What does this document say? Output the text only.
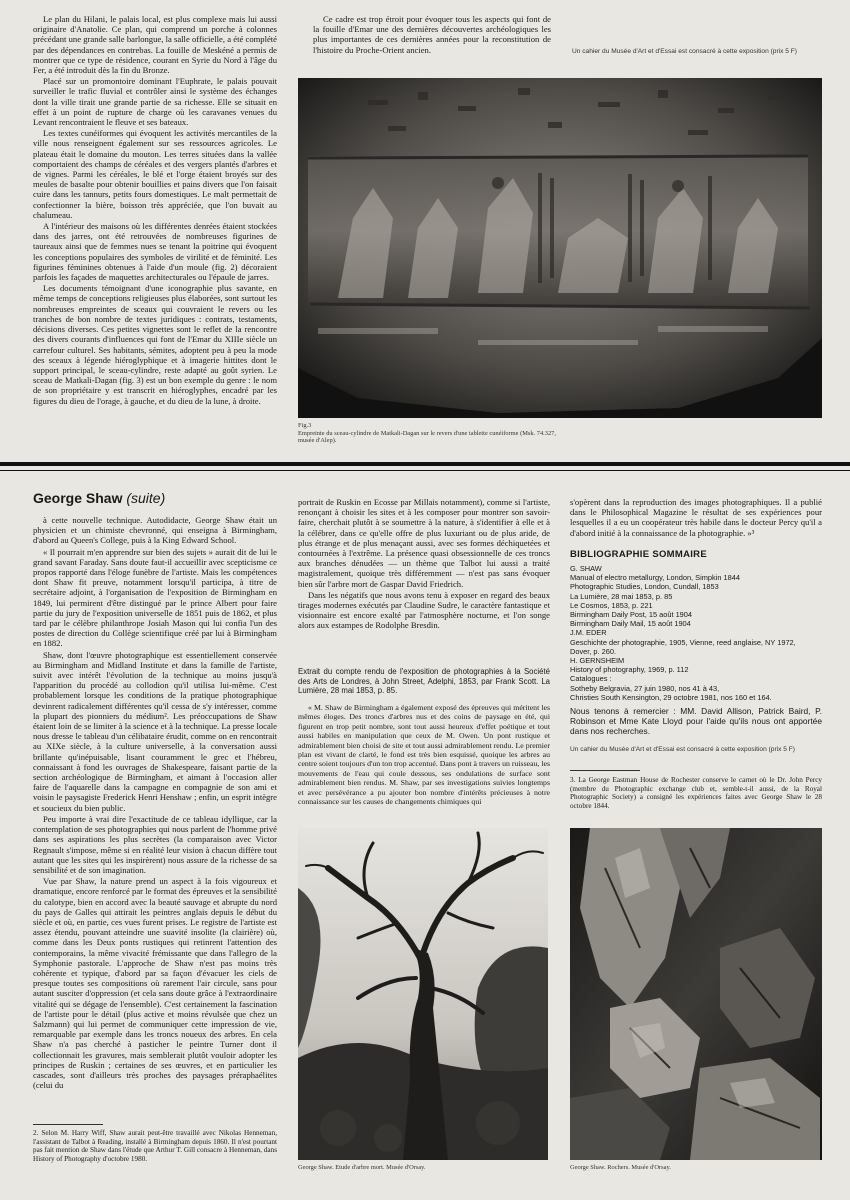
Le plan du Hilani, le palais local, est plus complexe mais lui aussi originaire d'Anatolie. Ce plan, qui comprend un porche à colonnes précédant une grande salle barlongue, la salle officielle, a été complété par des dépendances en contrebas. La fouille de Meskéné a permis de montrer que ce type de résidence, courant en Syrie du Nord à l'âge du Fer, a été introduit dès la fin du Bronze.

Placé sur un promontoire dominant l'Euphrate, le palais pouvait surveiller le trafic fluvial et contrôler ainsi le système des échanges dont la ville tirait une grande partie de sa richesse. Elle se situait en effet à un point de rupture de charge où les caravanes venues du Levant rencontraient le fleuve et ses bateaux.

Les textes cunéiformes qui évoquent les activités mercantiles de la ville nous renseignent également sur ses ressources agricoles. Le plateau était le domaine du mouton. Les terres situées dans la vallée comportaient des champs de céréales et des vergers plantés d'arbres et de vignes. Parmi les céréales, le blé et l'orge étaient broyés sur des meules de basalte pour obtenir bouillies et pains divers que l'on faisait cuire dans les tannurs, petits fours domestiques. Le malt permettait de confectionner la bière, boisson très appréciée, que l'on buvait au chalumeau.

A l'intérieur des maisons où les différentes denrées étaient stockées dans des jarres, ont été retrouvées de nombreuses figurines de taureaux ainsi que de femmes nues se tenant la poitrine qui évoquent les conceptions populaires des symboles de virilité et de féminité. Les figurines féminines obtenues à l'aide d'un moule (fig. 2) décoraient parfois les façades de maquettes architecturales ou l'épaule de jarres.

Les documents témoignant d'une iconographie plus savante, en même temps de conceptions religieuses plus élaborées, sont surtout les nombreuses empreintes de sceaux qui couvraient le revers ou les tranches de bon nombre de textes juridiques : contrats, testaments, décisions diverses. Ces petites vignettes sont le reflet de la rencontre des divers courants d'influences qui font de l'Emar du XIIIe siècle un carrefour culturel. Ses habitants, sémites, adoptent peu à peu la mode des sceaux à légende hiéroglyphique et à imagerie hittites dont le support principal, le sceau-cylindre, reste adapté au goût syrien. Le sceau de Matkali-Dagan (fig. 3) est un bon exemple du genre : le nom de son propriétaire y est transcrit en hiéroglyphes, encadré par les figures du dieu de l'orage, à gauche, et du dieu de la lune, à droite.

Ce cadre est trop étroit pour évoquer tous les aspects qui font de la fouille d'Emar une des dernières découvertes archéologiques les plus importantes de ces dernières années pour la reconstitution de l'histoire du Proche-Orient ancien.	Un cahier du Musée d'Art et d'Essai est consacré à cette exposition (prix 5 F)
Fig.3
Empreinte du sceau-cylindre de Matkali-Dagan sur le revers d'une tablette cunéiforme (Msk. 74.327, musée d'Alep).
George Shaw (suite)

à cette nouvelle technique. Autodidacte, George Shaw était un physicien et un chimiste chevronné, qui enseigna à Birmingham, d'abord au Queen's College, puis à la King Edward School.

« Il pourrait m'en apprendre sur bien des sujets » aurait dit de lui le grand savant Faraday. Sans doute faut-il accueillir avec scepticisme ce propos rapporté dans l'éloge funèbre de l'artiste. Mais les compétences dont Shaw fit preuve, notamment lorsqu'il participa, à titre de secrétaire adjoint, à l'organisation de l'exposition de Birmingham en 1849, lui permirent d'être distingué par le prince Albert pour faire partie du jury de l'exposition universelle de 1851 puis de 1862, et plus tard par le célèbre philanthrope Josiah Mason qui lui confia l'un des postes de direction du Collège scientifique créé par lui à Birmingham en 1882.

Shaw, dont l'œuvre photographique est essentiellement conservée au Birmingham and Midland Institute et dans la famille de l'artiste, suivit avec intérêt l'évolution de la technique au moins jusqu'à l'apparition du procédé au collodion qu'il utilisa lui-même. C'est probablement lorsque les conditions de la pratique photographique devinrent radicalement différentes qu'il cessa de s'y intéresser, comme la plupart des pionniers du médium². Les préoccupations de Shaw étaient loin de se limiter à la science et à la technique. La presse locale nous dresse le tableau d'un célibataire érudit, comme on en rencontrait au XIXe siècle, à la culture universelle, à la conversation aussi brillante qu'inépuisable, lisant couramment le grec et l'hébreu, connaissant à fond les ouvrages de Shakespeare, faisant partie de la section archéologique de Birmingham, et aimant à l'occasion aller faire de l'aquarelle dans la campagne en compagnie de son ami et voisin le paysagiste Frederick Henri Henshaw ; enfin, un esprit intègre et soucieux du bien public.

Peu importe à vrai dire l'exactitude de ce tableau idyllique, car la contemplation de ses photographies qui nous parlent de l'homme privé dans ses aspirations les plus secrètes (la comparaison avec Victor Regnault s'impose, même si en réalité leur vision à chacun diffère tout autant que les sites qui les inspirèrent) nous assure de la richesse de sa sensibilité et de son imagination.

Vue par Shaw, la nature prend un aspect à la fois vigoureux et dramatique, encore renforcé par le format des épreuves et la sensibilité du calotype, bien en accord avec la beauté sauvage et abrupte du nord du pays de Galles qui attirait les peintres anglais depuis le début du siècle et où, en partie, ces vues furent prises. Le registre de l'artiste est assez étendu, pouvant atteindre une suavité insolite (la clairière) où, comme dans les Deux ponts rustiques qui retinrent l'attention des contemporains, la même vivacité frémissante que dans l'allegro de la Symphonie pastorale. L'approche de Shaw n'est pas moins très cohérente et typique, d'abord par sa façon d'évacuer les ciels de presque toutes ses compositions où rarement l'air circule, sans pour autant susciter d'oppression (et cela sans doute grâce à l'extraordinaire vitalité qui se dégage de l'ensemble). C'est certainement la fascination de l'artiste pour le détail (plus active et moins révulsée que chez un Salzmann) qui lui permet de communiquer cette impression de vie, remarquable par exemple dans les troncs noueux des arbres. En cela Shaw n'a pas cherché à pasticher le peintre Turner dont il collectionnait les gravures, mais semblerait plutôt vouloir adopter les principes de Ruskin ; certaines de ses œuvres, et en particulier les cascades, sont d'ailleurs très proches des paysages préraphaélites (celui du

2. Selon M. Harry Wiff, Shaw aurait peut-être travaillé avec Nikolas Henneman, l'assistant de Talbot à Reading, installé à Birmingham depuis 1860. Il n'est pourtant pas fait mention de Shaw dans l'étude que Arthur T. Gill consacre à Henneman, dans History of Photography d'octobre 1980.

portrait de Ruskin en Ecosse par Millais notamment), comme si l'artiste, renonçant à choisir les sites et à les composer pour montrer son savoir-faire, cherchait plutôt à se soumettre à la nature, à s'identifier à elle et à la célébrer, dans ce qu'elle offre de plus luxuriant ou de plus aride, de plus étrange et de plus menaçant aussi, avec ses formes déchiquetées et contournées à l'extrême. La présence quasi obsessionnelle de ces troncs aux branches dénudées — un thème que Talbot lui aussi a traité magistralement, quoique très différemment — n'est pas sans évoquer bien sûr l'arbre mort de Gaspar David Friedrich.

Dans les négatifs que nous avons tenu à exposer en regard des beaux tirages modernes exécutés par Claudine Sudre, le caractère fantastique et visionnaire est encore exalté par l'atmosphère nocturne, et l'on songe alors aux estampes de Rodolphe Bresdin.

Extrait du compte rendu de l'exposition de photographies à la Société des Arts de Londres, à John Street, Adelphi, 1853, par Frank Scott. La Lumière, 28 mai 1853, p. 85.

« M. Shaw de Birmingham a également exposé des épreuves qui méritent les mêmes éloges. Des troncs d'arbres nus et des coins de paysage en été, qui figurent en trop petit nombre, sont tout aussi heureux d'effet poétique et tout aussi habiles en manipulation que ceux de M. Owen. Un pont rustique et admirablement bien choisi de site et tout aussi admirablement rendu. Le premier plan est vivant de clarté, le fond est très bien esquissé, quoique les arbres au centre soient toujours d'un ton trop accentué. Dans pont à travers un ruisseau, les mouvements de l'eau qui coule dessous, ses ondulations de surface sont admirablement bien rendus. M. Shaw, par ses investigations suivies longtemps et avec persévérance a pu ajouter bon nombre d'intérêts précieuses à notre connaissance sur les causes de changements chimiques qui

s'opèrent dans la reproduction des images photographiques. Il a publié dans le Philosophical Magazine le résultat de ses expériences pour lesquelles il a eu un coopérateur très habile dans le docteur Percy qu'il a d'abord initié à la connaissance de la photographie. »³

BIBLIOGRAPHIE SOMMAIRE
G. SHAW
Manual of electro metallurgy, London, Simpkin 1844
Photographic Studies, London, Cundall, 1853
La Lumière, 28 mai 1853, p. 85
Le Cosmos, 1853, p. 221
Birmingham Daily Post, 15 août 1904
Birmingham Daily Mail, 15 août 1904
J.M. EDER
Geschichte der photographie, 1905, Vienne, reed anglaise, NY 1972,
Dover, p. 260.
H. GERNSHEIM
History of photography, 1969, p. 112
Catalogues :
Sotheby Belgravia, 27 juin 1980, nos 41 à 43,
Christies South Kensington, 29 octobre 1981, nos 160 et 164.
Nous tenons à remercier : MM. David Allison, Patrick Baird, P. Robinson et Mme Kate Lloyd pour l'aide qu'ils nous ont apportée dans nos recherches.
Un cahier du Musée d'Art et d'Essai est consacré à cette exposition (prix 5 F)

3. La George Eastman House de Rochester conserve le carnet où le Dr. John Percy (membre du Photographic exchange club et, semble-t-il aussi, de la Royal Photographic Society) a consigné les expériences faites avec George Shaw le 28 octobre 1844.

George Shaw. Etude d'arbre mort. Musée d'Orsay.	George Shaw. Rochers. Musée d'Orsay.
